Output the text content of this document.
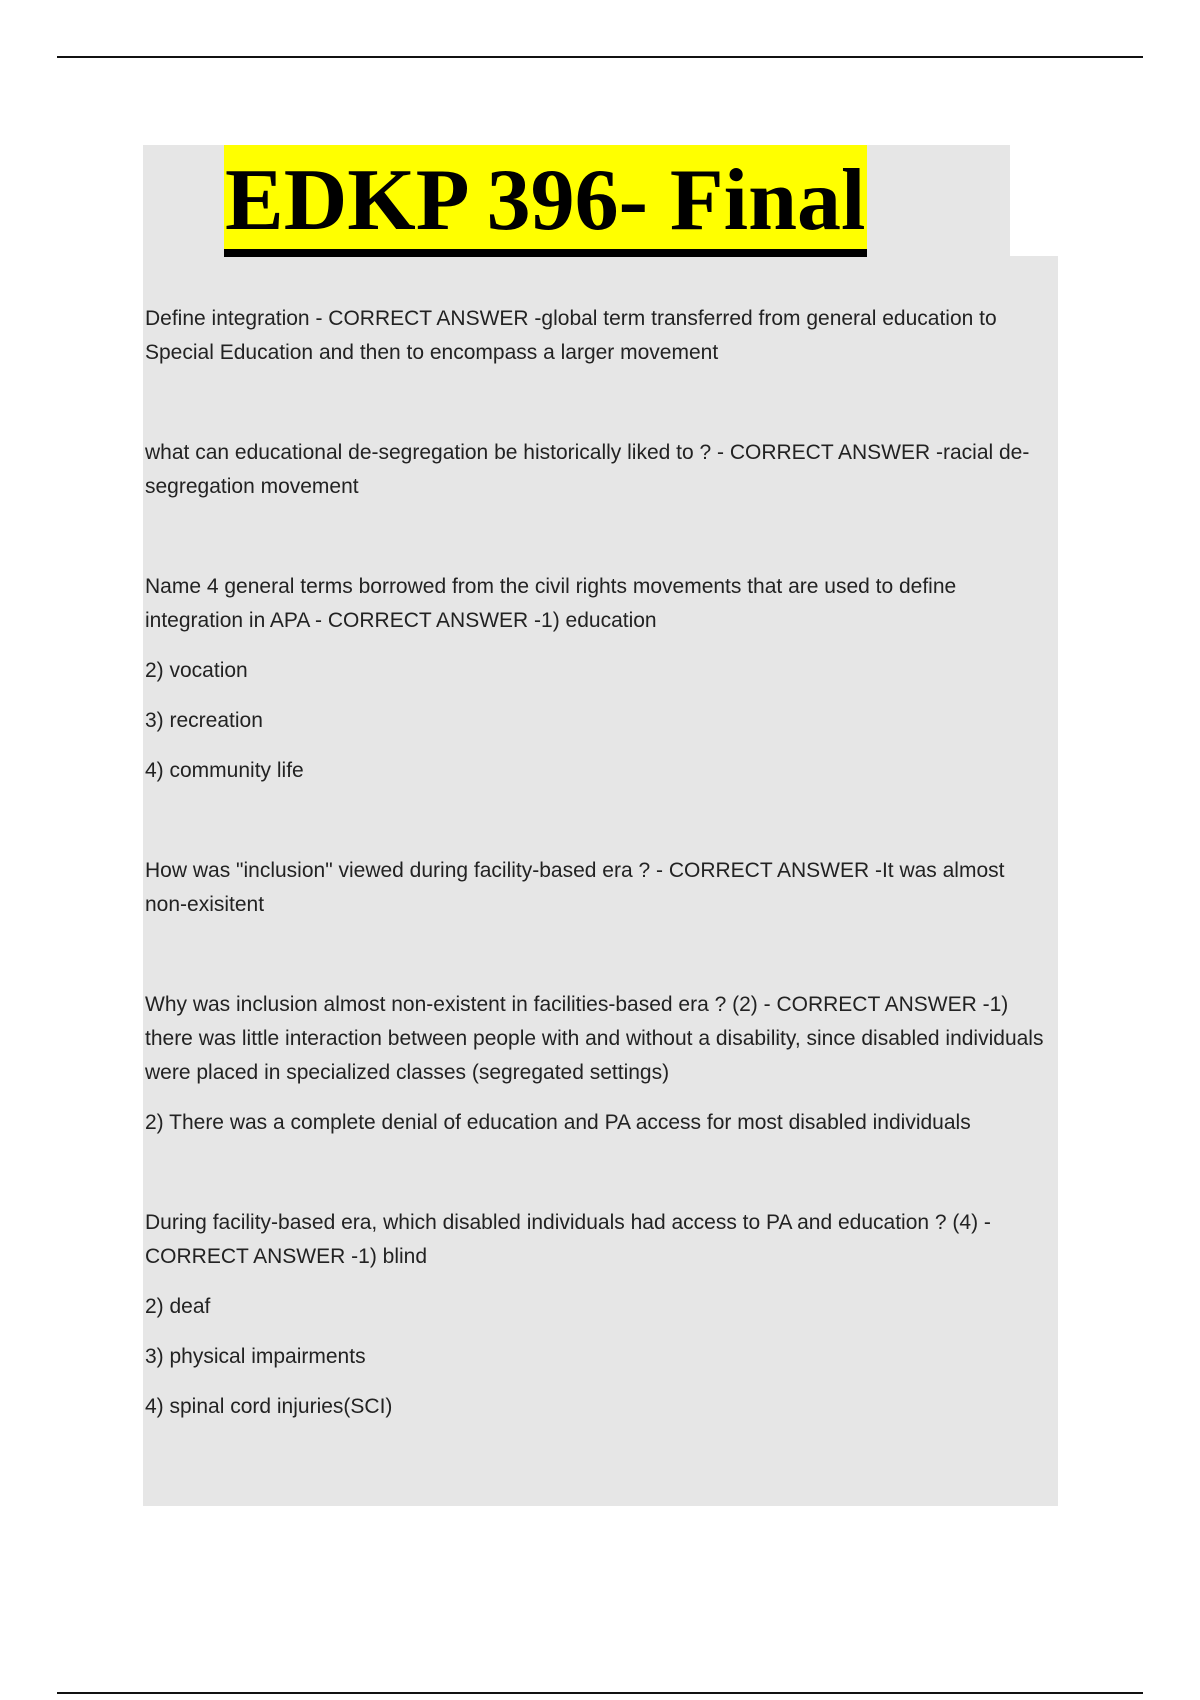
EDKP 396- Final

Define integration - CORRECT ANSWER -global term transferred from general education to Special Education and then to encompass a larger movement

what can educational de-segregation be historically liked to ? - CORRECT ANSWER -racial de-segregation movement

Name 4 general terms borrowed from the civil rights movements that are used to define integration in APA - CORRECT ANSWER -1) education

2) vocation

3) recreation

4) community life

How was "inclusion" viewed during facility-based era ? - CORRECT ANSWER -It was almost non-exisitent

Why was inclusion almost non-existent in facilities-based era ? (2) - CORRECT ANSWER -1) there was little interaction between people with and without a disability, since disabled individuals were placed in specialized classes (segregated settings)

2) There was a complete denial of education and PA access for most disabled individuals

During facility-based era, which disabled individuals had access to PA and education ? (4) - CORRECT ANSWER -1) blind

2) deaf

3) physical impairments

4) spinal cord injuries(SCI)
